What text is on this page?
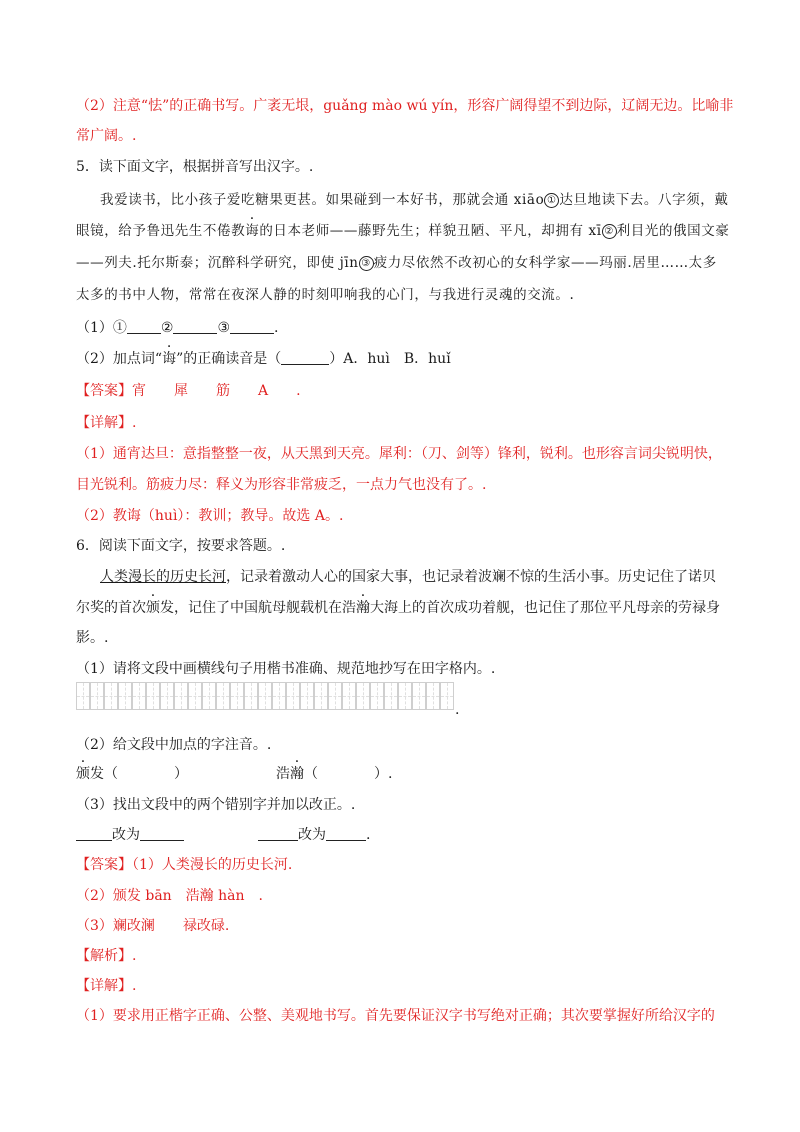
（2）注意“怯”的正确书写。广袤无垠，guǎng mào wú yín，形容广阔得望不到边际，辽阔无边。比喻非
常广阔。.
5．读下面文字，根据拼音写出汉字。.
我爱读书，比小孩子爱吃糖果更甚。如果碰到一本好书，那就会通 xiāo ① 达旦地读下去。八字须，戴
眼镜，给予鲁迅先生不倦教诲的日本老师——藤野先生；样貌丑陋、平凡，却拥有 xī ② 利目光的俄国文豪
——列夫.托尔斯泰；沉醉科学研究，即使 jīn ③ 疲力尽依然不改初心的女科学家——玛丽.居里……太多
太多的书中人物，常常在夜深人静的时刻叩响我的心门，与我进行灵魂的交流。.
（1）① ②	③	.
（2）加点词“诲”的正确读音是（	）A．huì　B．huǐ
【答案】宵　　犀　　筋　　A　　.
【详解】.
（1）通宵达旦：意指整整一夜，从天黑到天亮。犀利：（刀、剑等）锋利，锐利。也形容言词尖锐明快，
目光锐利。筋疲力尽：释义为形容非常疲乏，一点力气也没有了。.
（2）教诲（huì）：教训；教导。故选 A。.
6．阅读下面文字，按要求答题。.
人类漫长的历史长河，记录着激动人心的国家大事，也记录着波斓不惊的生活小事。历史记住了诺贝
尔奖的首次颁发，记住了中国航母舰载机在浩瀚大海上的首次成功着舰，也记住了那位平凡母亲的劳禄身
影。.
（1）请将文段中画横线句子用楷书准确、规范地抄写在田字格内。.
.
（2）给文段中加点的字注音。.
颁发（　　　　）	浩瀚（　　　　）.
（3）找出文段中的两个错别字并加以改正。.
改为	改为	.
【答案】（1）人类漫长的历史长河.
（2）颁发 bān　浩瀚 hàn　.
（3）斓改澜　　禄改碌.
【解析】.
【详解】.
（1）要求用正楷字正确、公整、美观地书写。首先要保证汉字书写绝对正确；其次要掌握好所给汉字的
